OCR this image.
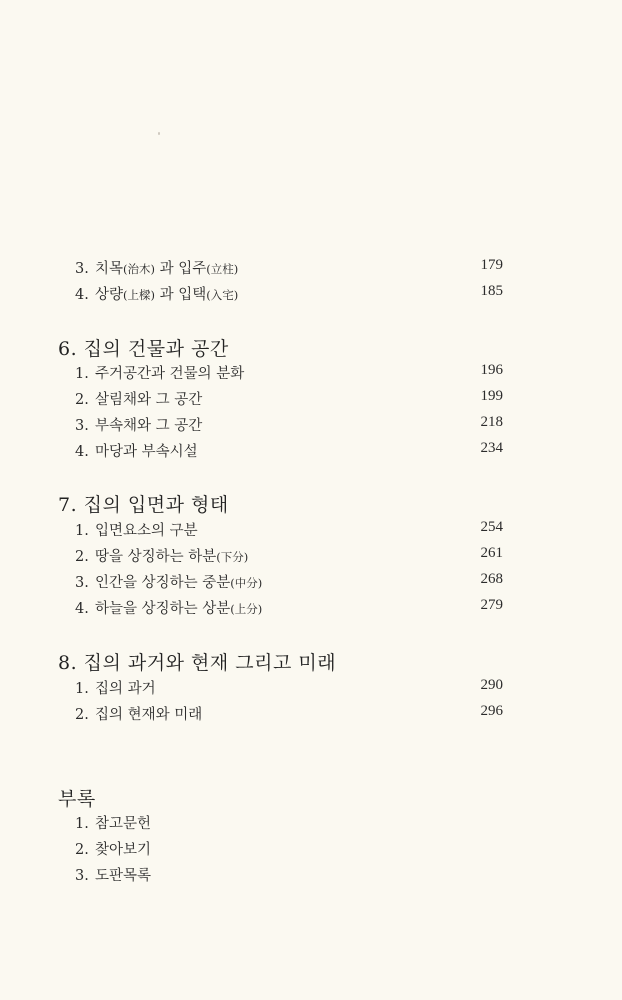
3. 치목(治木) 과 입주(立柱)	179
4. 상량(上樑) 과 입택(入宅)	185
6. 집의 건물과 공간
1. 주거공간과 건물의 분화	196
2. 살림채와 그 공간	199
3. 부속채와 그 공간	218
4. 마당과 부속시설	234
7. 집의 입면과 형태
1. 입면요소의 구분	254
2. 땅을 상징하는 하분(下分)	261
3. 인간을 상징하는 중분(中分)	268
4. 하늘을 상징하는 상분(上分)	279
8. 집의 과거와 현재 그리고 미래
1. 집의 과거	290
2. 집의 현재와 미래	296
부록
1. 참고문헌
2. 찾아보기
3. 도판목록
